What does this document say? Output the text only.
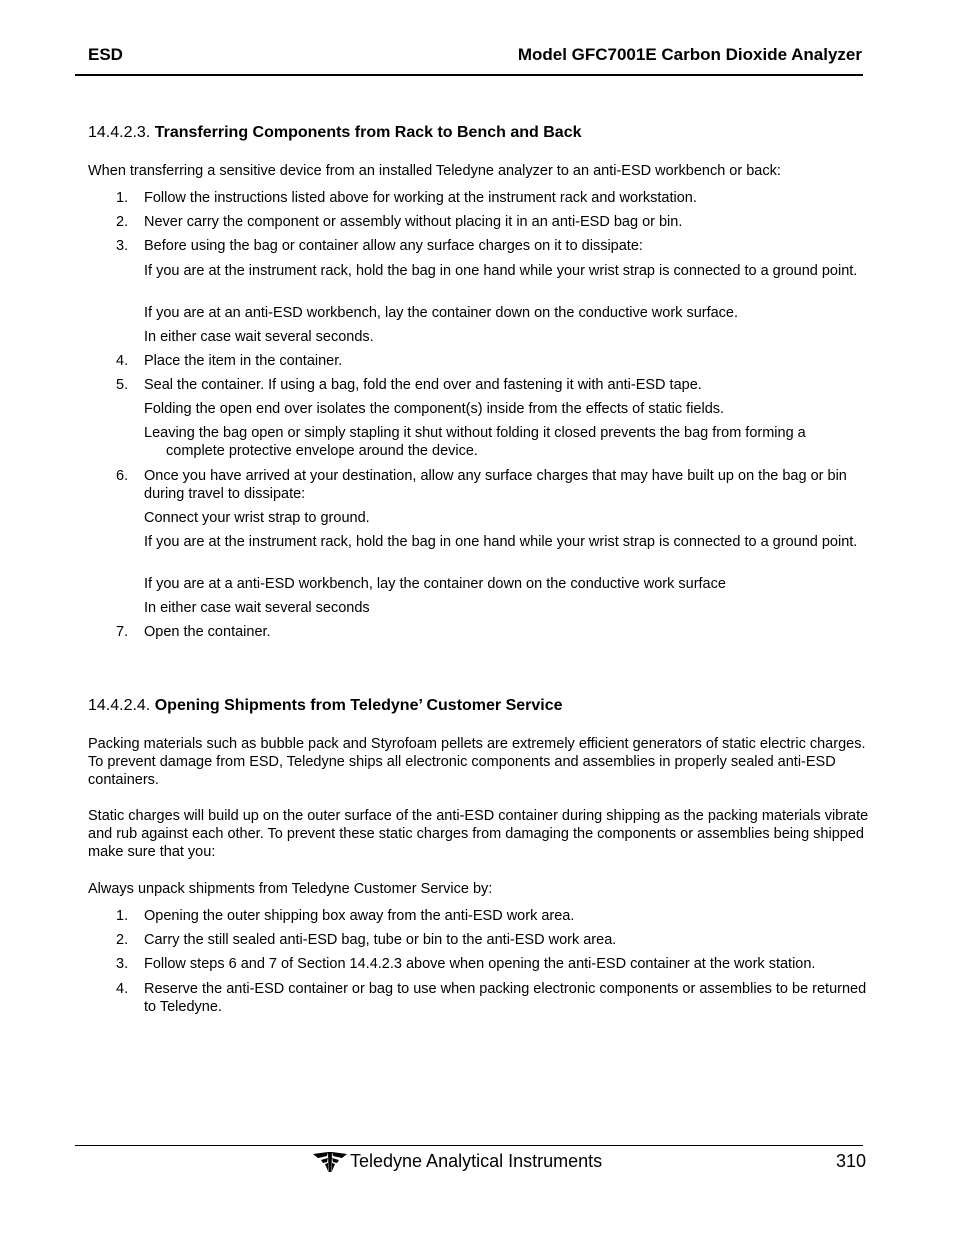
ESD	Model GFC7001E Carbon Dioxide Analyzer
14.4.2.3. Transferring Components from Rack to Bench and Back
When transferring a sensitive device from an installed Teledyne analyzer to an anti-ESD workbench or back:
1. Follow the instructions listed above for working at the instrument rack and workstation.
2. Never carry the component or assembly without placing it in an anti-ESD bag or bin.
3. Before using the bag or container allow any surface charges on it to dissipate:
If you are at the instrument rack, hold the bag in one hand while your wrist strap is connected to a ground point.
If you are at an anti-ESD workbench, lay the container down on the conductive work surface.
In either case wait several seconds.
4. Place the item in the container.
5. Seal the container. If using a bag, fold the end over and fastening it with anti-ESD tape.
Folding the open end over isolates the component(s) inside from the effects of static fields.
Leaving the bag open or simply stapling it shut without folding it closed prevents the bag from forming a complete protective envelope around the device.
6. Once you have arrived at your destination, allow any surface charges that may have built up on the bag or bin during travel to dissipate:
Connect your wrist strap to ground.
If you are at the instrument rack, hold the bag in one hand while your wrist strap is connected to a ground point.
If you are at a anti-ESD workbench, lay the container down on the conductive work surface
In either case wait several seconds
7. Open the container.
14.4.2.4. Opening Shipments from Teledyne’ Customer Service
Packing materials such as bubble pack and Styrofoam pellets are extremely efficient generators of static electric charges. To prevent damage from ESD, Teledyne ships all electronic components and assemblies in properly sealed anti-ESD containers.
Static charges will build up on the outer surface of the anti-ESD container during shipping as the packing materials vibrate and rub against each other. To prevent these static charges from damaging the components or assemblies being shipped make sure that you:
Always unpack shipments from Teledyne Customer Service by:
1. Opening the outer shipping box away from the anti-ESD work area.
2. Carry the still sealed anti-ESD bag, tube or bin to the anti-ESD work area.
3. Follow steps 6 and 7 of Section 14.4.2.3 above when opening the anti-ESD container at the work station.
4. Reserve the anti-ESD container or bag to use when packing electronic components or assemblies to be returned to Teledyne.
Teledyne Analytical Instruments	310
